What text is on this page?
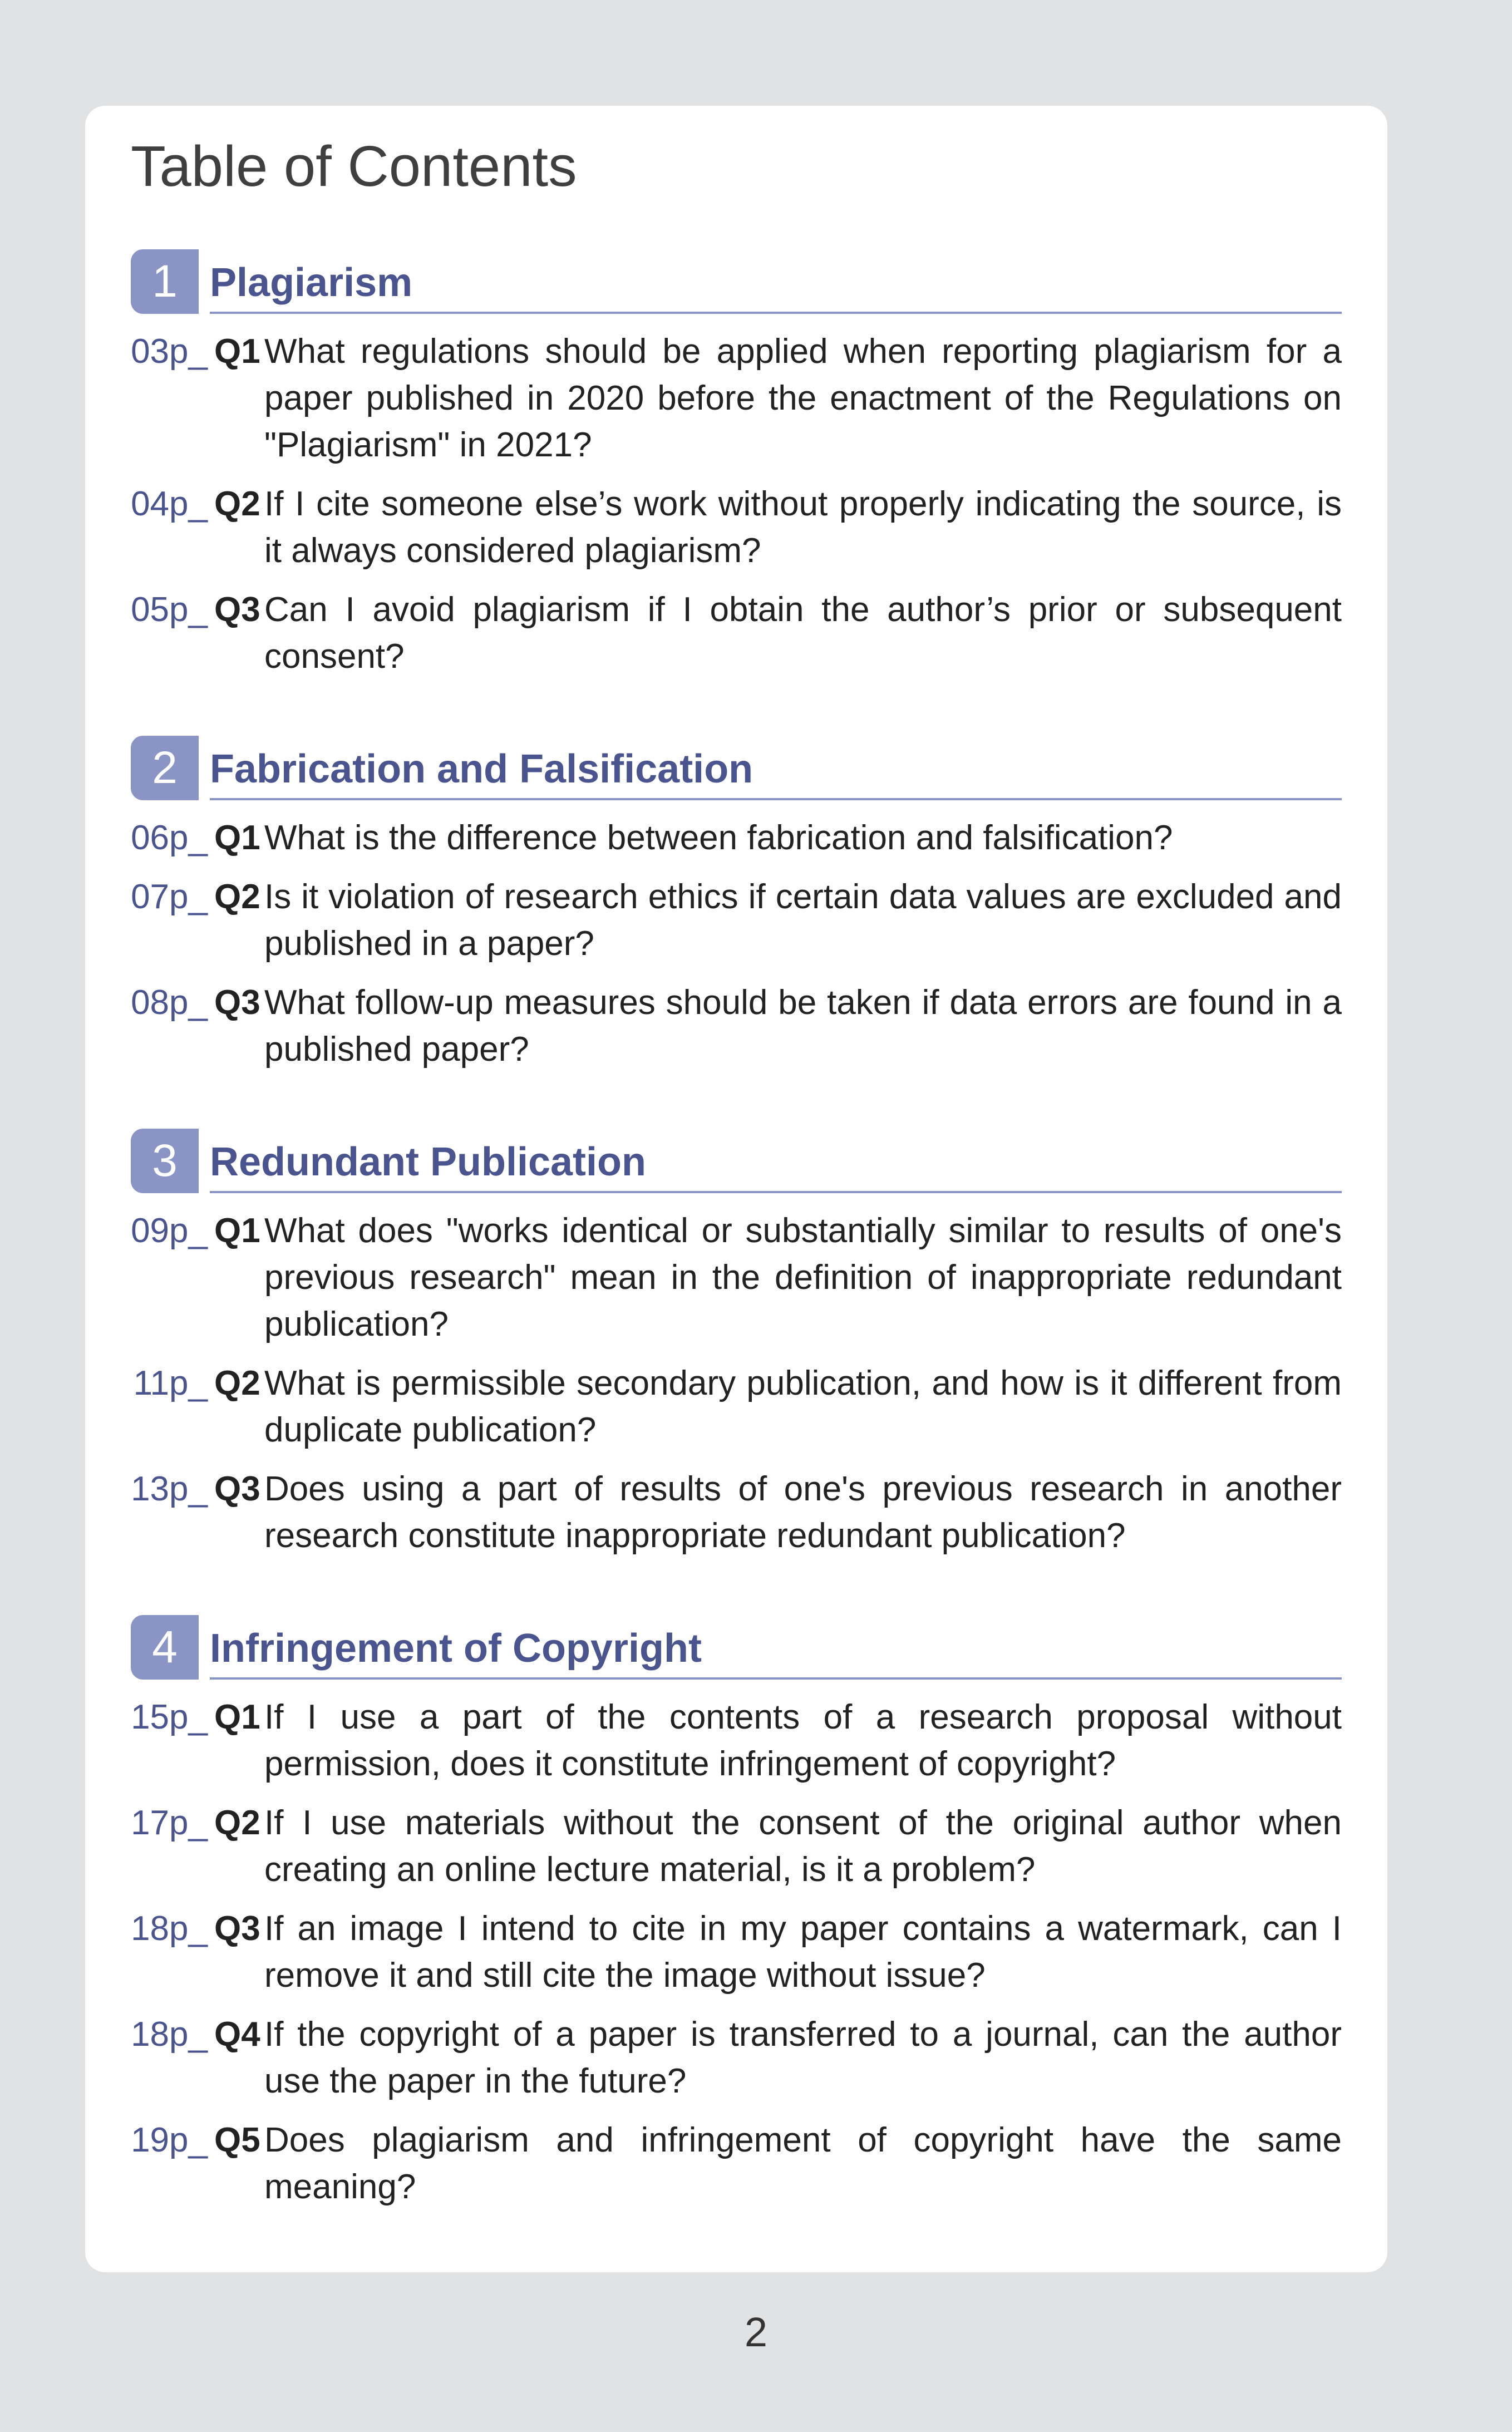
Table of Contents
1 Plagiarism
03p_ Q1 What regulations should be applied when reporting plagiarism for a paper published in 2020 before the enactment of the Regulations on "Plagiarism" in 2021?
04p_ Q2 If I cite someone else’s work without properly indicating the source, is it always considered plagiarism?
05p_ Q3 Can I avoid plagiarism if I obtain the author’s prior or subsequent consent?
2 Fabrication and Falsification
06p_ Q1 What is the difference between fabrication and falsification?
07p_ Q2 Is it violation of research ethics if certain data values are excluded and published in a paper?
08p_ Q3 What follow-up measures should be taken if data errors are found in a published paper?
3 Redundant Publication
09p_ Q1 What does "works identical or substantially similar to results of one's previous research" mean in the definition of inappropriate redundant publication?
11p_ Q2 What is permissible secondary publication, and how is it different from duplicate publication?
13p_ Q3 Does using a part of results of one's previous research in another research constitute inappropriate redundant publication?
4 Infringement of Copyright
15p_ Q1 If I use a part of the contents of a research proposal without permission, does it constitute infringement of copyright?
17p_ Q2 If I use materials without the consent of the original author when creating an online lecture material, is it a problem?
18p_ Q3 If an image I intend to cite in my paper contains a watermark, can I remove it and still cite the image without issue?
18p_ Q4 If the copyright of a paper is transferred to a journal, can the author use the paper in the future?
19p_ Q5 Does plagiarism and infringement of copyright have the same meaning?
2
